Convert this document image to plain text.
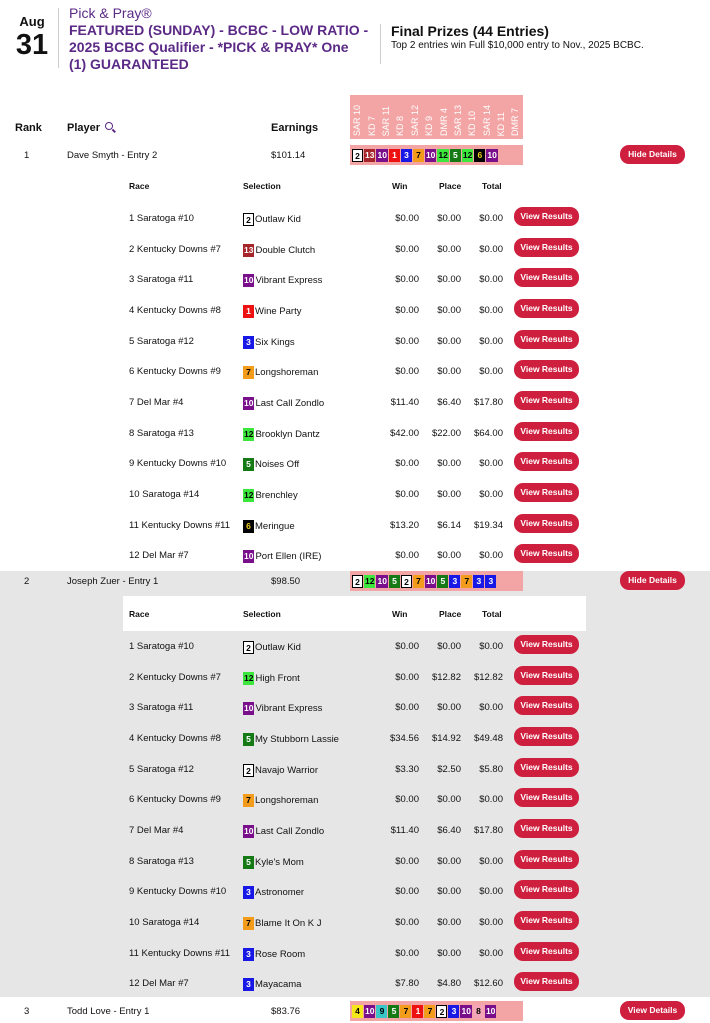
Aug
31
Pick & Pray®
FEATURED (SUNDAY) - BCBC - LOW RATIO - 2025 BCBC Qualifier - *PICK & PRAY* One (1) GUARANTEED
Final Prizes (44 Entries)
Top 2 entries win Full $10,000 entry to Nov., 2025 BCBC.
Rank Player	Earnings	SAR 10 KD 7 SAR 11 KD 8 SAR 12 KD 9 DMR 4 SAR 13 KD 10 SAR 14 KD 11 DMR 7
1	Dave Smyth - Entry 2	$101.14	2 13 10 1 3 7 10 12 5 12 6 10	Hide Details
Race	Selection	Win	Place Total
1 Saratoga #10	2 Outlaw Kid	$0.00 $0.00 $0.00	View Results
2 Kentucky Downs #7	13 Double Clutch	$0.00 $0.00 $0.00	View Results
3 Saratoga #11	10 Vibrant Express	$0.00 $0.00 $0.00	View Results
4 Kentucky Downs #8	1 Wine Party	$0.00 $0.00 $0.00	View Results
5 Saratoga #12	3 Six Kings	$0.00 $0.00 $0.00	View Results
6 Kentucky Downs #9	7 Longshoreman	$0.00 $0.00 $0.00	View Results
7 Del Mar #4	10 Last Call Zondlo	$11.40 $6.40 $17.80	View Results
8 Saratoga #13	12 Brooklyn Dantz	$42.00 $22.00 $64.00	View Results
9 Kentucky Downs #10	5 Noises Off	$0.00 $0.00 $0.00	View Results
10 Saratoga #14	12 Brenchley	$0.00 $0.00 $0.00	View Results
11 Kentucky Downs #11	6 Meringue	$13.20 $6.14 $19.34	View Results
12 Del Mar #7	10 Port Ellen (IRE)	$0.00 $0.00 $0.00	View Results
2	Joseph Zuer - Entry 1	$98.50	2 12 10 5 2 7 10 5 3 7 3 3	Hide Details
Race	Selection	Win	Place Total
1 Saratoga #10	2 Outlaw Kid	$0.00 $0.00 $0.00	View Results
2 Kentucky Downs #7	12 High Front	$0.00 $12.82 $12.82	View Results
3 Saratoga #11	10 Vibrant Express	$0.00 $0.00 $0.00	View Results
4 Kentucky Downs #8	5 My Stubborn Lassie	$34.56 $14.92 $49.48	View Results
5 Saratoga #12	2 Navajo Warrior	$3.30 $2.50 $5.80	View Results
6 Kentucky Downs #9	7 Longshoreman	$0.00 $0.00 $0.00	View Results
7 Del Mar #4	10 Last Call Zondlo	$11.40 $6.40 $17.80	View Results
8 Saratoga #13	5 Kyle's Mom	$0.00 $0.00 $0.00	View Results
9 Kentucky Downs #10	3 Astronomer	$0.00 $0.00 $0.00	View Results
10 Saratoga #14	7 Blame It On K J	$0.00 $0.00 $0.00	View Results
11 Kentucky Downs #11	3 Rose Room	$0.00 $0.00 $0.00	View Results
12 Del Mar #7	3 Mayacama	$7.80 $4.80 $12.60	View Results
3	Todd Love - Entry 1	$83.76	4 10 9 5 7 1 7 2 3 10 8 10	View Details
